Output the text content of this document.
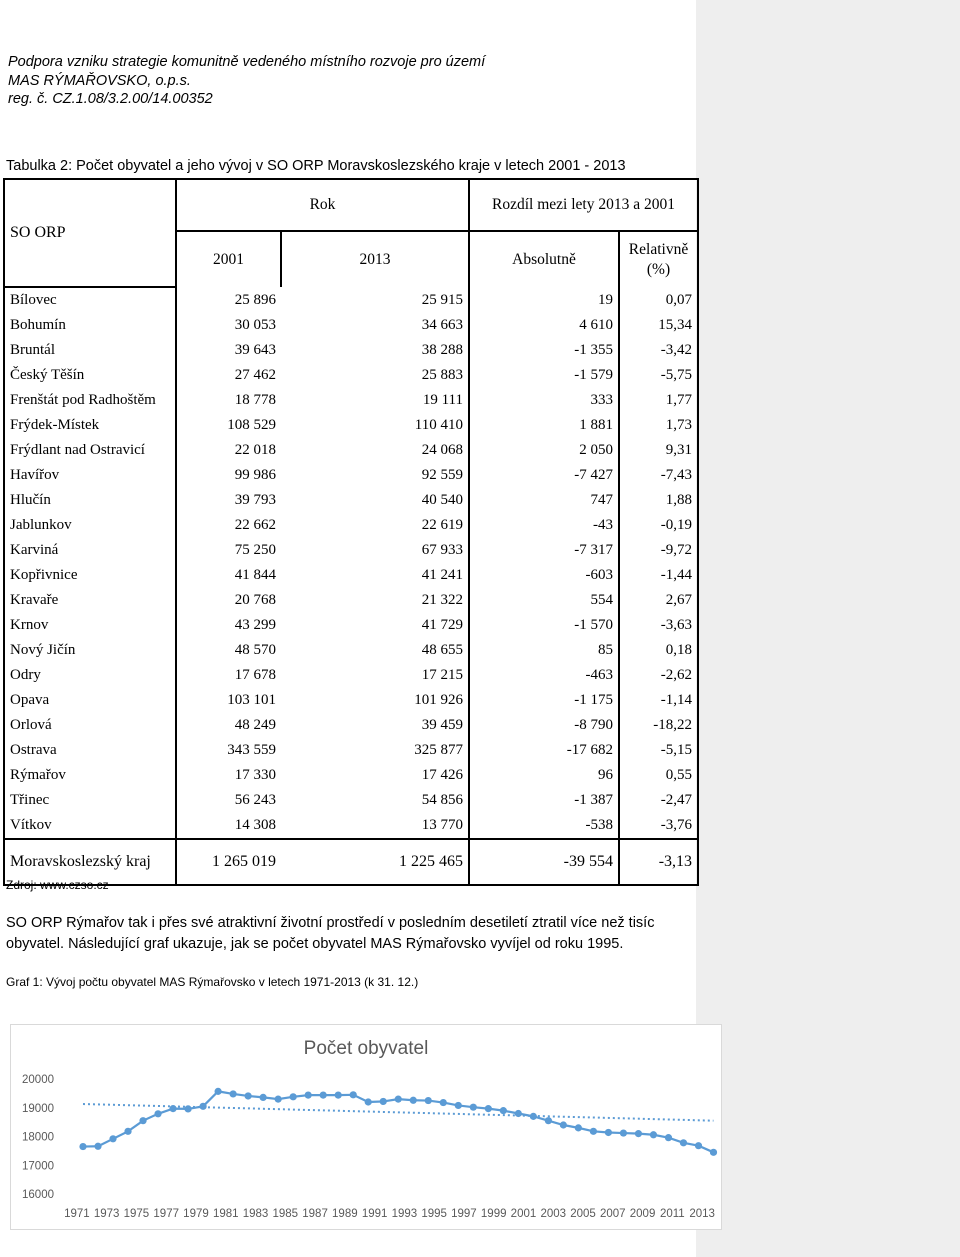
Podpora vzniku strategie komunitně vedeného místního rozvoje pro území
MAS RÝMAŘOVSKO, o.p.s.
reg. č. CZ.1.08/3.2.00/14.00352
Tabulka 2: Počet obyvatel a jeho vývoj v SO ORP Moravskoslezského kraje v letech 2001 - 2013
SO ORP	Rok		Rozdíl mezi lety 2013 a 2001	
	2001	2013	Absolutně	Relativně
(%)

Bílovec	25 896	25 915	19	0,07
Bohumín	30 053	34 663	4 610	15,34
Bruntál	39 643	38 288	-1 355	-3,42
Český Těšín	27 462	25 883	-1 579	-5,75
Frenštát pod Radhoštěm	18 778	19 111	333	1,77
Frýdek-Místek	108 529	110 410	1 881	1,73
Frýdlant nad Ostravicí	22 018	24 068	2 050	9,31
Havířov	99 986	92 559	-7 427	-7,43
Hlučín	39 793	40 540	747	1,88
Jablunkov	22 662	22 619	-43	-0,19
Karviná	75 250	67 933	-7 317	-9,72
Kopřivnice	41 844	41 241	-603	-1,44
Kravaře	20 768	21 322	554	2,67
Krnov	43 299	41 729	-1 570	-3,63
Nový Jičín	48 570	48 655	85	0,18
Odry	17 678	17 215	-463	-2,62
Opava	103 101	101 926	-1 175	-1,14
Orlová	48 249	39 459	-8 790	-18,22
Ostrava	343 559	325 877	-17 682	-5,15
Rýmařov	17 330	17 426	96	0,55
Třinec	56 243	54 856	-1 387	-2,47
Vítkov	14 308	13 770	-538	-3,76
Moravskoslezský kraj	1 265 019	1 225 465	-39 554	-3,13
Zdroj: www.czso.cz
SO ORP Rýmařov tak i přes své atraktivní životní prostředí v posledním desetiletí ztratil více než tisíc obyvatel. Následující graf ukazuje, jak se počet obyvatel MAS Rýmařovsko vyvíjel od roku 1995.
Graf 1: Vývoj počtu obyvatel MAS Rýmařovsko v letech 1971-2013 (k 31. 12.)
16000
17000
18000
19000
20000
1971 1973 1975 1977 1979 1981 1983 1985 1987 1989 1991 1993 1995 1997 1999 2001 2003 2005 2007 2009 2011 2013
Počet obyvatel
